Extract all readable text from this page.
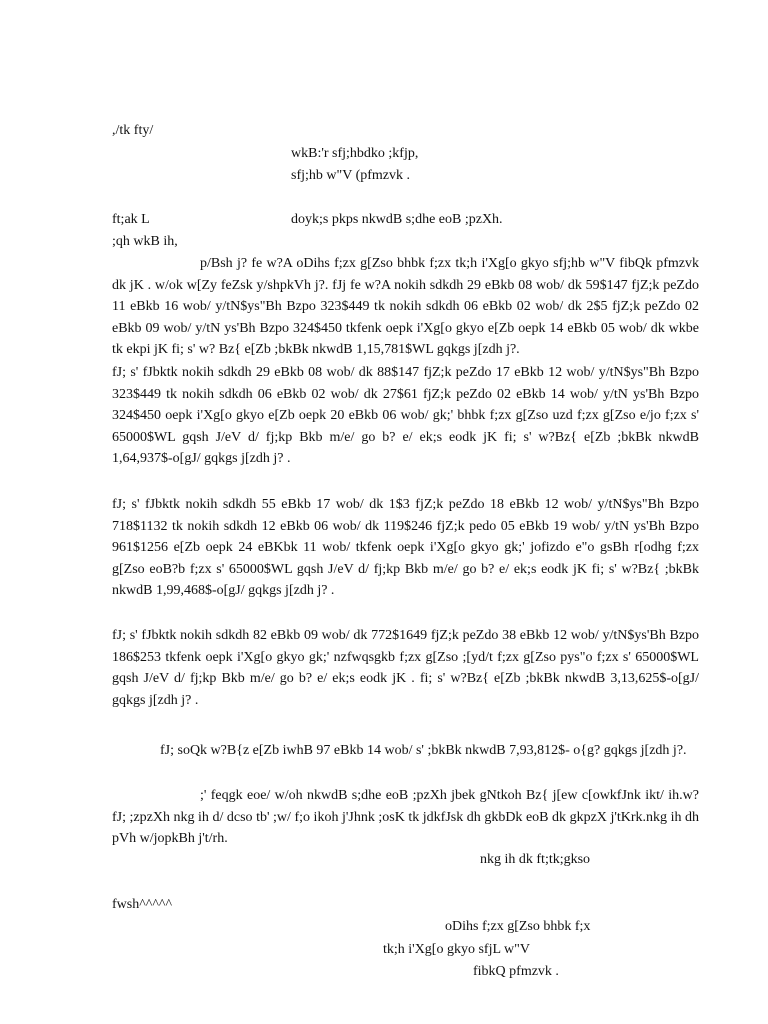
,/tk fty/
wkB:'r sfj;hbdko ;kfjp,
sfj;hb w"V (pfmzvk .
ft;ak L	doyk;s pkps nkwdB s;dhe eoB ;pzXh.
;qh wkB ih,
p/Bsh j? fe w?A oDihs f;zx g[Zso bhbk f;zx tk;h i'Xg[o gkyo sfj;hb w"V fibQk pfmzvk dk jK . w/ok w[Zy feZsk y/shpkVh j?. fJj fe w?A nokih sdkdh 29 eBkb 08 wob/ dk 59$147 fjZ;k peZdo 11 eBkb 16 wob/ y/tN$ys"Bh Bzpo 323$449 tk nokih sdkdh 06 eBkb 02 wob/ dk 2$5 fjZ;k peZdo 02 eBkb 09 wob/ y/tN ys'Bh Bzpo 324$450 tkfenk oepk i'Xg[o gkyo e[Zb oepk 14 eBkb 05 wob/ dk wkbe tk ekpi jK fi; s' w? Bz{ e[Zb ;bkBk nkwdB 1,15,781$WL gqkgs j[zdh j?.
fJ; s' fJbktk nokih sdkdh 29 eBkb 08 wob/ dk 88$147 fjZ;k peZdo 17 eBkb 12 wob/ y/tN$ys"Bh Bzpo 323$449 tk nokih sdkdh 06 eBkb 02 wob/ dk 27$61 fjZ;k peZdo 02 eBkb 14 wob/ y/tN ys'Bh Bzpo 324$450 oepk i'Xg[o gkyo e[Zb oepk 20 eBkb 06 wob/ gk;' bhbk f;zx g[Zso uzd f;zx g[Zso e/jo f;zx s' 65000$WL gqsh J/eV d/ fj;kp Bkb m/e/ go b? e/ ek;s eodk jK fi; s' w?Bz{ e[Zb ;bkBk nkwdB 1,64,937$-o[gJ/ gqkgs j[zdh j? .
fJ; s' fJbktk nokih sdkdh 55 eBkb 17 wob/ dk 1$3 fjZ;k peZdo 18 eBkb 12 wob/ y/tN$ys"Bh Bzpo 718$1132 tk nokih sdkdh 12 eBkb 06 wob/ dk 119$246 fjZ;k pedo 05 eBkb 19 wob/ y/tN ys'Bh Bzpo 961$1256 e[Zb oepk 24 eBKbk 11 wob/ tkfenk oepk i'Xg[o gkyo gk;' jofizdo e"o gsBh r[odhg f;zx g[Zso eoB?b f;zx s' 65000$WL gqsh J/eV d/ fj;kp Bkb m/e/ go b? e/ ek;s eodk jK fi; s' w?Bz{ ;bkBk nkwdB 1,99,468$-o[gJ/ gqkgs j[zdh j? .
fJ; s' fJbktk nokih sdkdh 82 eBkb 09 wob/ dk 772$1649 fjZ;k peZdo 38 eBkb 12 wob/ y/tN$ys'Bh Bzpo 186$253 tkfenk oepk i'Xg[o gkyo gk;' nzfwqsgkb f;zx g[Zso ;[yd/t f;zx g[Zso pys"o f;zx s' 65000$WL gqsh J/eV d/ fj;kp Bkb m/e/ go b? e/ ek;s eodk jK . fi; s' w?Bz{ e[Zb ;bkBk nkwdB 3,13,625$-o[gJ/ gqkgs j[zdh j? .
fJ; soQk w?B{z e[Zb iwhB 97 eBkb 14 wob/ s' ;bkBk nkwdB 7,93,812$- o{g? gqkgs j[zdh j?.
;' feqgk eoe/ w/oh nkwdB s;dhe eoB ;pzXh jbek gNtkoh Bz{ j[ew c[owkfJnk ikt/ ih.w? fJ; ;zpzXh nkg ih d/ dcso tb' ;w/ f;o ikoh j'Jhnk ;osK tk jdkfJsk dh gkbDk eoB dk gkpzX j'tKrk.nkg ih dh pVh w/jopkBh j't/rh.
nkg ih dk ft;tk;gkso
fwsh^^^^^
oDihs f;zx g[Zso bhbk f;x
tk;h i'Xg[o gkyo sfjL w"V
fibkQ pfmzvk .
